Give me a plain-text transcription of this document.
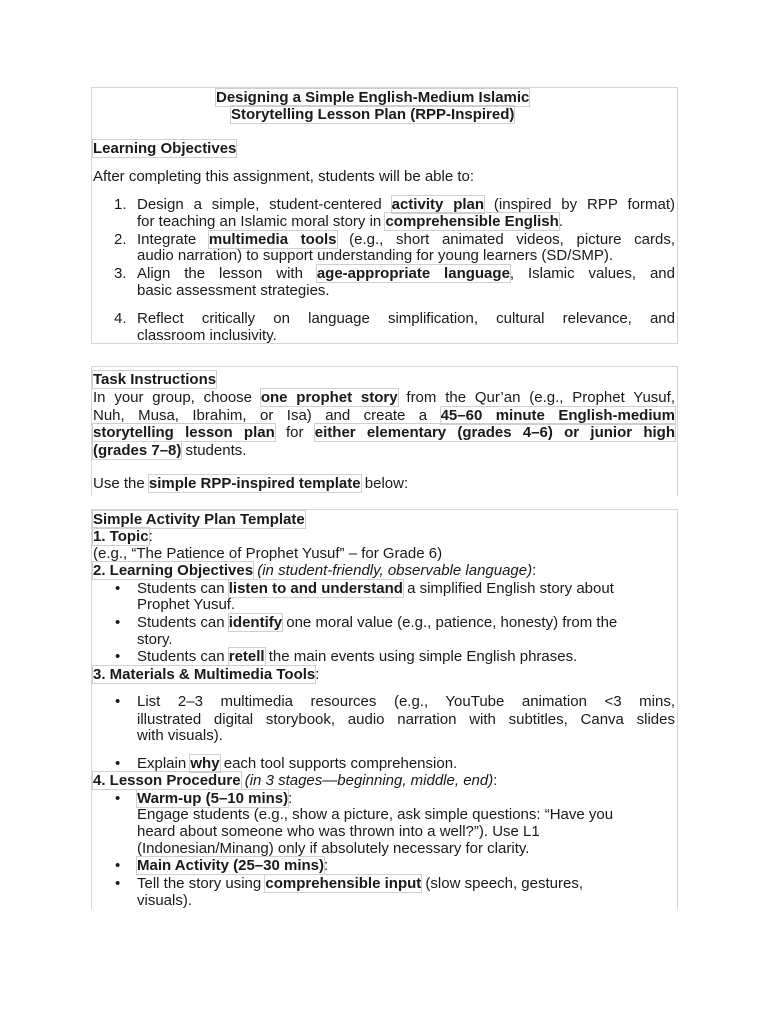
Designing a Simple English-Medium Islamic
Storytelling Lesson Plan (RPP-Inspired)
Learning Objectives
After completing this assignment, students will be able to:
1. Design a simple, student-centered activity plan (inspired by RPP format)
for teaching an Islamic moral story in comprehensible English.
2. Integrate multimedia tools (e.g., short animated videos, picture cards,
audio narration) to support understanding for young learners (SD/SMP).
3. Align the lesson with age-appropriate language, Islamic values, and
basic assessment strategies.
4. Reflect critically on language simplification, cultural relevance, and
classroom inclusivity.
Task Instructions
In your group, choose one prophet story from the Qur’an (e.g., Prophet Yusuf,
Nuh, Musa, Ibrahim, or Isa) and create a 45–60 minute English-medium
storytelling lesson plan for either elementary (grades 4–6) or junior high
(grades 7–8) students.
Use the simple RPP-inspired template below:
Simple Activity Plan Template
1. Topic:
(e.g., “The Patience of Prophet Yusuf” – for Grade 6)
2. Learning Objectives (in student-friendly, observable language):
• Students can listen to and understand a simplified English story about
Prophet Yusuf.
• Students can identify one moral value (e.g., patience, honesty) from the
story.
• Students can retell the main events using simple English phrases.
3. Materials & Multimedia Tools:
• List 2–3 multimedia resources (e.g., YouTube animation <3 mins,
illustrated digital storybook, audio narration with subtitles, Canva slides
with visuals).
• Explain why each tool supports comprehension.
4. Lesson Procedure (in 3 stages—beginning, middle, end):
• Warm-up (5–10 mins):
Engage students (e.g., show a picture, ask simple questions: “Have you
heard about someone who was thrown into a well?”). Use L1
(Indonesian/Minang) only if absolutely necessary for clarity.
• Main Activity (25–30 mins):
• Tell the story using comprehensible input (slow speech, gestures,
visuals).
